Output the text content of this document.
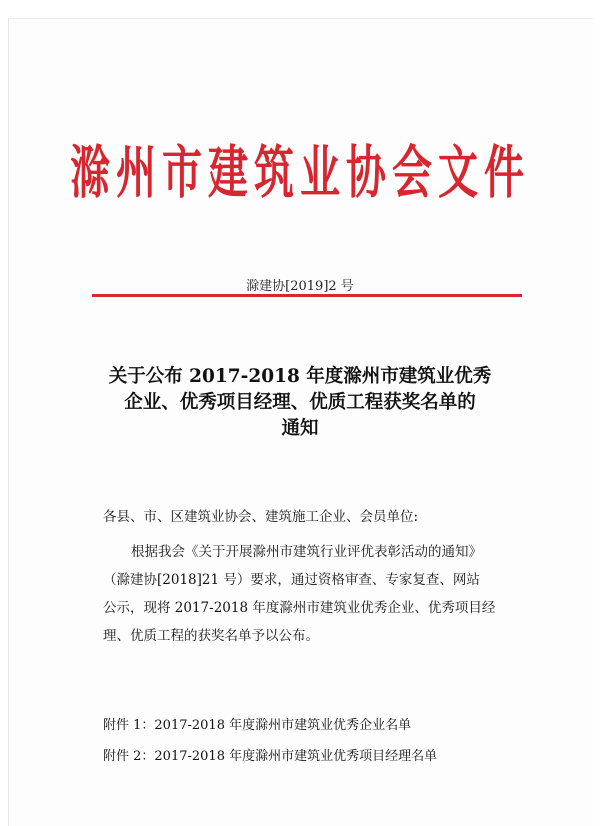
滁州市建筑业协会文件
滁建协[2019]2 号
关于公布 2017-2018 年度滁州市建筑业优秀
企业、优秀项目经理、优质工程获奖名单的
通知
各县、市、区建筑业协会、建筑施工企业、会员单位:
根据我会《关于开展滁州市建筑行业评优表彰活动的通知》
（滁建协[2018]21 号）要求，通过资格审查、专家复查、网站
公示，现将 2017-2018 年度滁州市建筑业优秀企业、优秀项目经
理、优质工程的获奖名单予以公布。
附件 1：2017-2018 年度滁州市建筑业优秀企业名单
附件 2：2017-2018 年度滁州市建筑业优秀项目经理名单
